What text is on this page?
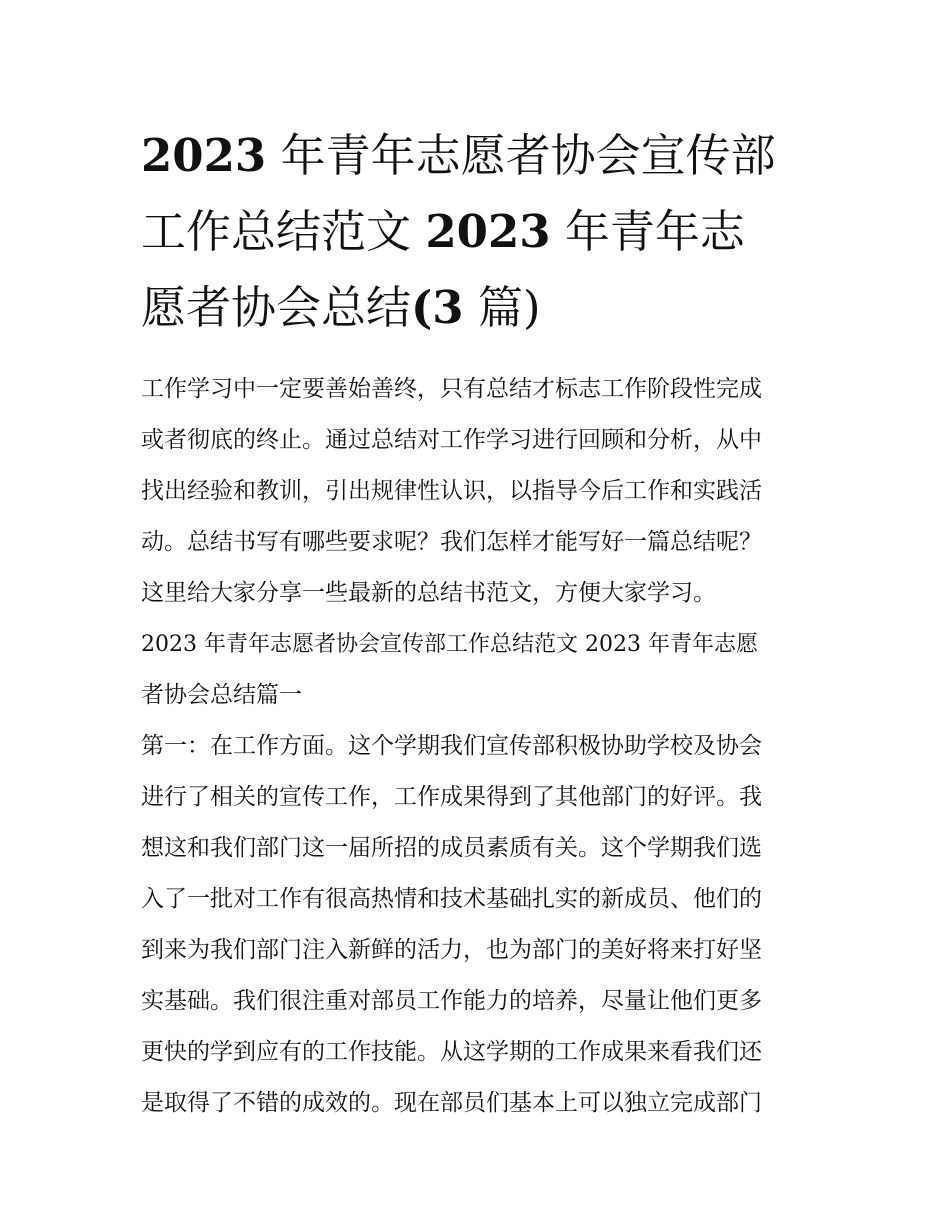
2023 年青年志愿者协会宣传部
工作总结范文 2023 年青年志
愿者协会总结(3 篇)
工作学习中一定要善始善终，只有总结才标志工作阶段性完成
或者彻底的终止。通过总结对工作学习进行回顾和分析，从中
找出经验和教训，引出规律性认识，以指导今后工作和实践活
动。总结书写有哪些要求呢？我们怎样才能写好一篇总结呢？
这里给大家分享一些最新的总结书范文，方便大家学习。
2023 年青年志愿者协会宣传部工作总结范文 2023 年青年志愿
者协会总结篇一
第一：在工作方面。这个学期我们宣传部积极协助学校及协会
进行了相关的宣传工作，工作成果得到了其他部门的好评。我
想这和我们部门这一届所招的成员素质有关。这个学期我们选
入了一批对工作有很高热情和技术基础扎实的新成员、他们的
到来为我们部门注入新鲜的活力，也为部门的美好将来打好坚
实基础。我们很注重对部员工作能力的培养，尽量让他们更多
更快的学到应有的工作技能。从这学期的工作成果来看我们还
是取得了不错的成效的。现在部员们基本上可以独立完成部门
